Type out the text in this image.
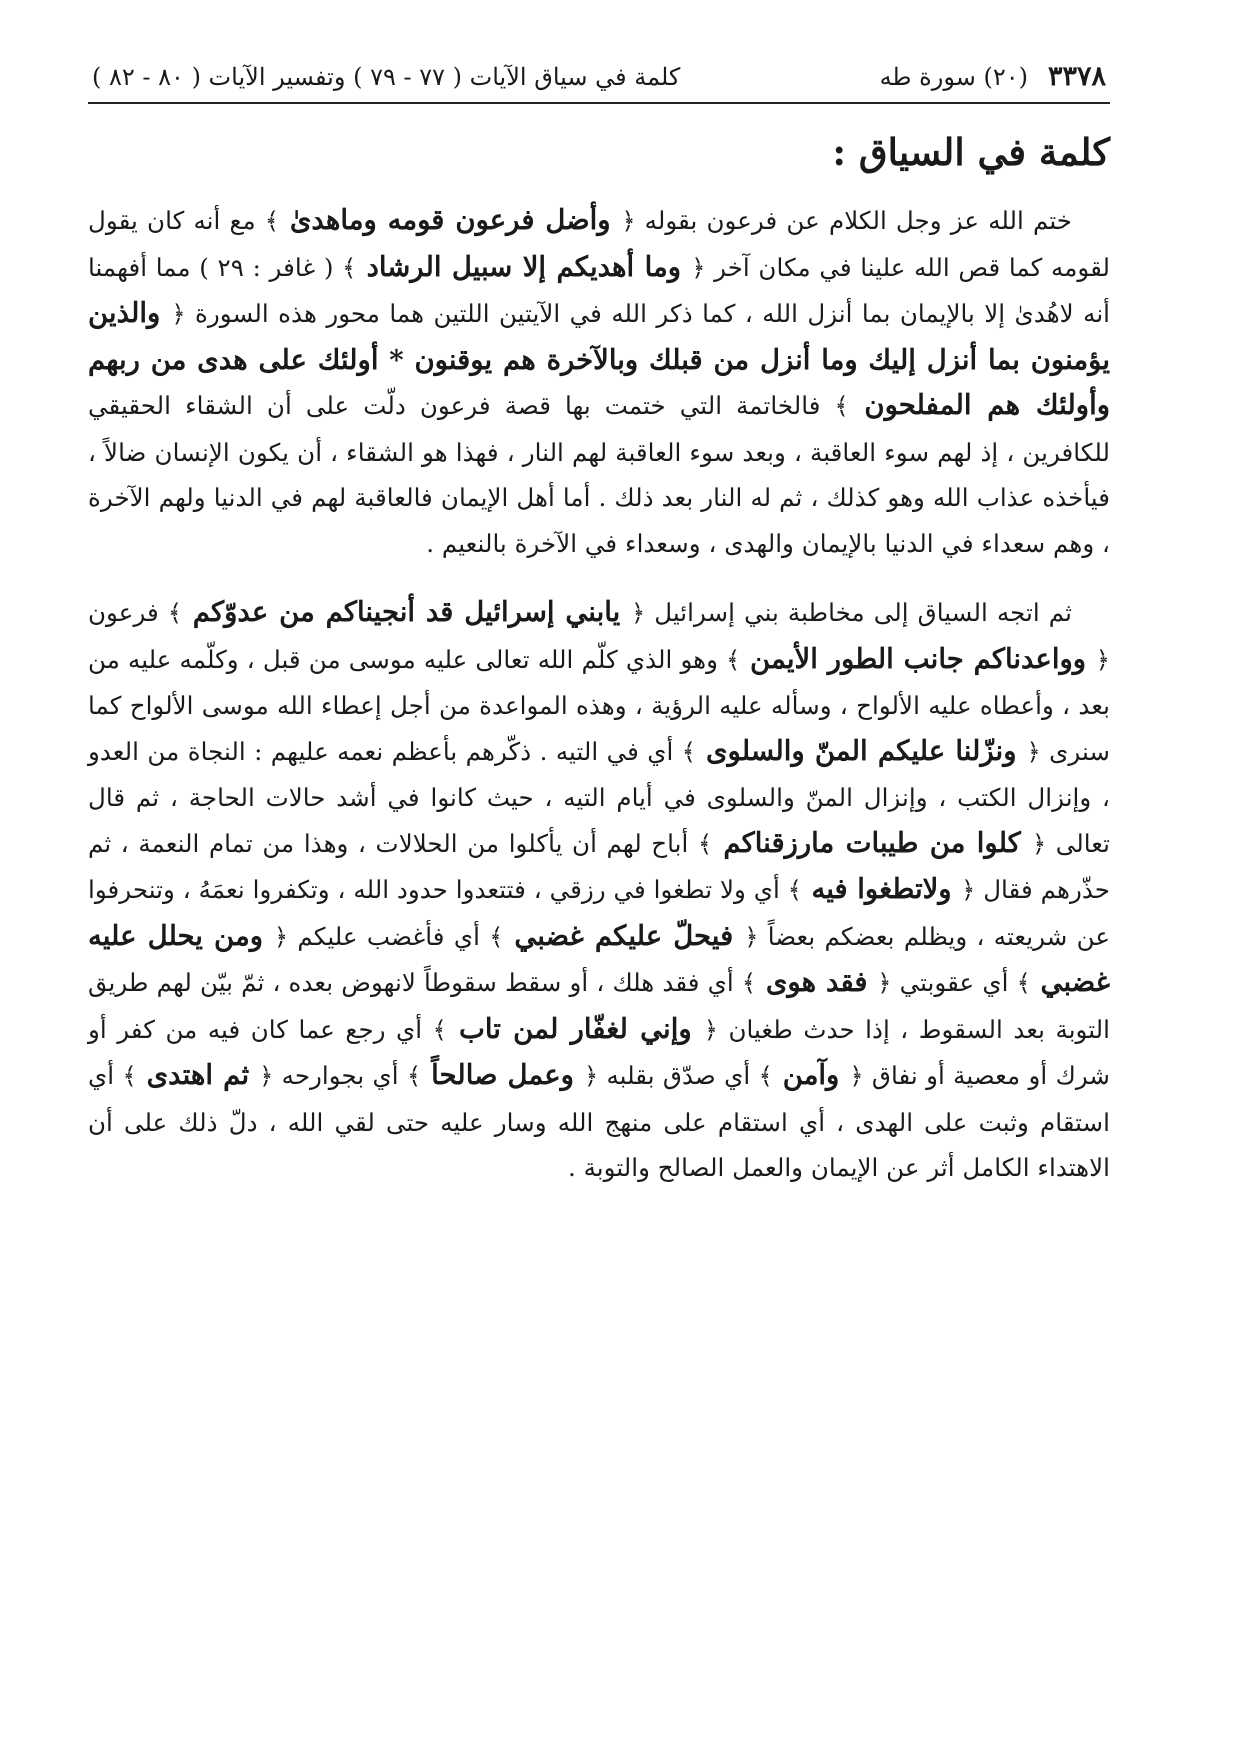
٣٣٧٨
(٢٠) سورة طه
كلمة في سياق الآيات ( ٧٧ - ٧٩ ) وتفسير الآيات ( ٨٠ - ٨٢ )
كلمة في السياق :

ختم الله عز وجل الكلام عن فرعون بقوله ﴿ وأضل فرعون قومه وماهدىٰ ﴾ مع أنه كان يقول لقومه كما قص الله علينا في مكان آخر ﴿ وما أهديكم إلا سبيل الرشاد ﴾ ( غافر : ٢٩ ) مما أفهمنا أنه لاهُدىٰ إلا بالإيمان بما أنزل الله ، كما ذكر الله في الآيتين اللتين هما محور هذه السورة ﴿ والذين يؤمنون بما أنزل إليك وما أنزل من قبلك وبالآخرة هم يوقنون * أولئك على هدى من ربهم وأولئك هم المفلحون ﴾ فالخاتمة التي ختمت بها قصة فرعون دلّت على أن الشقاء الحقيقي للكافرين ، إذ لهم سوء العاقبة ، وبعد سوء العاقبة لهم النار ، فهذا هو الشقاء ، أن يكون الإنسان ضالاً ، فيأخذه عذاب الله وهو كذلك ، ثم له النار بعد ذلك . أما أهل الإيمان فالعاقبة لهم في الدنيا ولهم الآخرة ، وهم سعداء في الدنيا بالإيمان والهدى ، وسعداء في الآخرة بالنعيم .

ثم اتجه السياق إلى مخاطبة بني إسرائيل ﴿ يابني إسرائيل قد أنجيناكم من عدوّكم ﴾ فرعون ﴿ وواعدناكم جانب الطور الأيمن ﴾ وهو الذي كلّم الله تعالى عليه موسى من قبل ، وكلّمه عليه من بعد ، وأعطاه عليه الألواح ، وسأله عليه الرؤية ، وهذه المواعدة من أجل إعطاء الله موسى الألواح كما سنرى ﴿ ونزّلنا عليكم المنّ والسلوى ﴾ أي في التيه . ذكّرهم بأعظم نعمه عليهم : النجاة من العدو ، وإنزال الكتب ، وإنزال المنّ والسلوى في أيام التيه ، حيث كانوا في أشد حالات الحاجة ، ثم قال تعالى ﴿ كلوا من طيبات مارزقناكم ﴾ أباح لهم أن يأكلوا من الحلالات ، وهذا من تمام النعمة ، ثم حذّرهم فقال ﴿ ولاتطغوا فيه ﴾ أي ولا تطغوا في رزقي ، فتتعدوا حدود الله ، وتكفروا نعمَهُ ، وتنحرفوا عن شريعته ، ويظلم بعضكم بعضاً ﴿ فيحلّ عليكم غضبي ﴾ أي فأغضب عليكم ﴿ ومن يحلل عليه غضبي ﴾ أي عقوبتي ﴿ فقد هوى ﴾ أي فقد هلك ، أو سقط سقوطاً لانهوض بعده ، ثمّ بيّن لهم طريق التوبة بعد السقوط ، إذا حدث طغيان ﴿ وإني لغفّار لمن تاب ﴾ أي رجع عما كان فيه من كفر أو شرك أو معصية أو نفاق ﴿ وآمن ﴾ أي صدّق بقلبه ﴿ وعمل صالحاً ﴾ أي بجوارحه ﴿ ثم اهتدى ﴾ أي استقام وثبت على الهدى ، أي استقام على منهج الله وسار عليه حتى لقي الله ، دلّ ذلك على أن الاهتداء الكامل أثر عن الإيمان والعمل الصالح والتوبة .
